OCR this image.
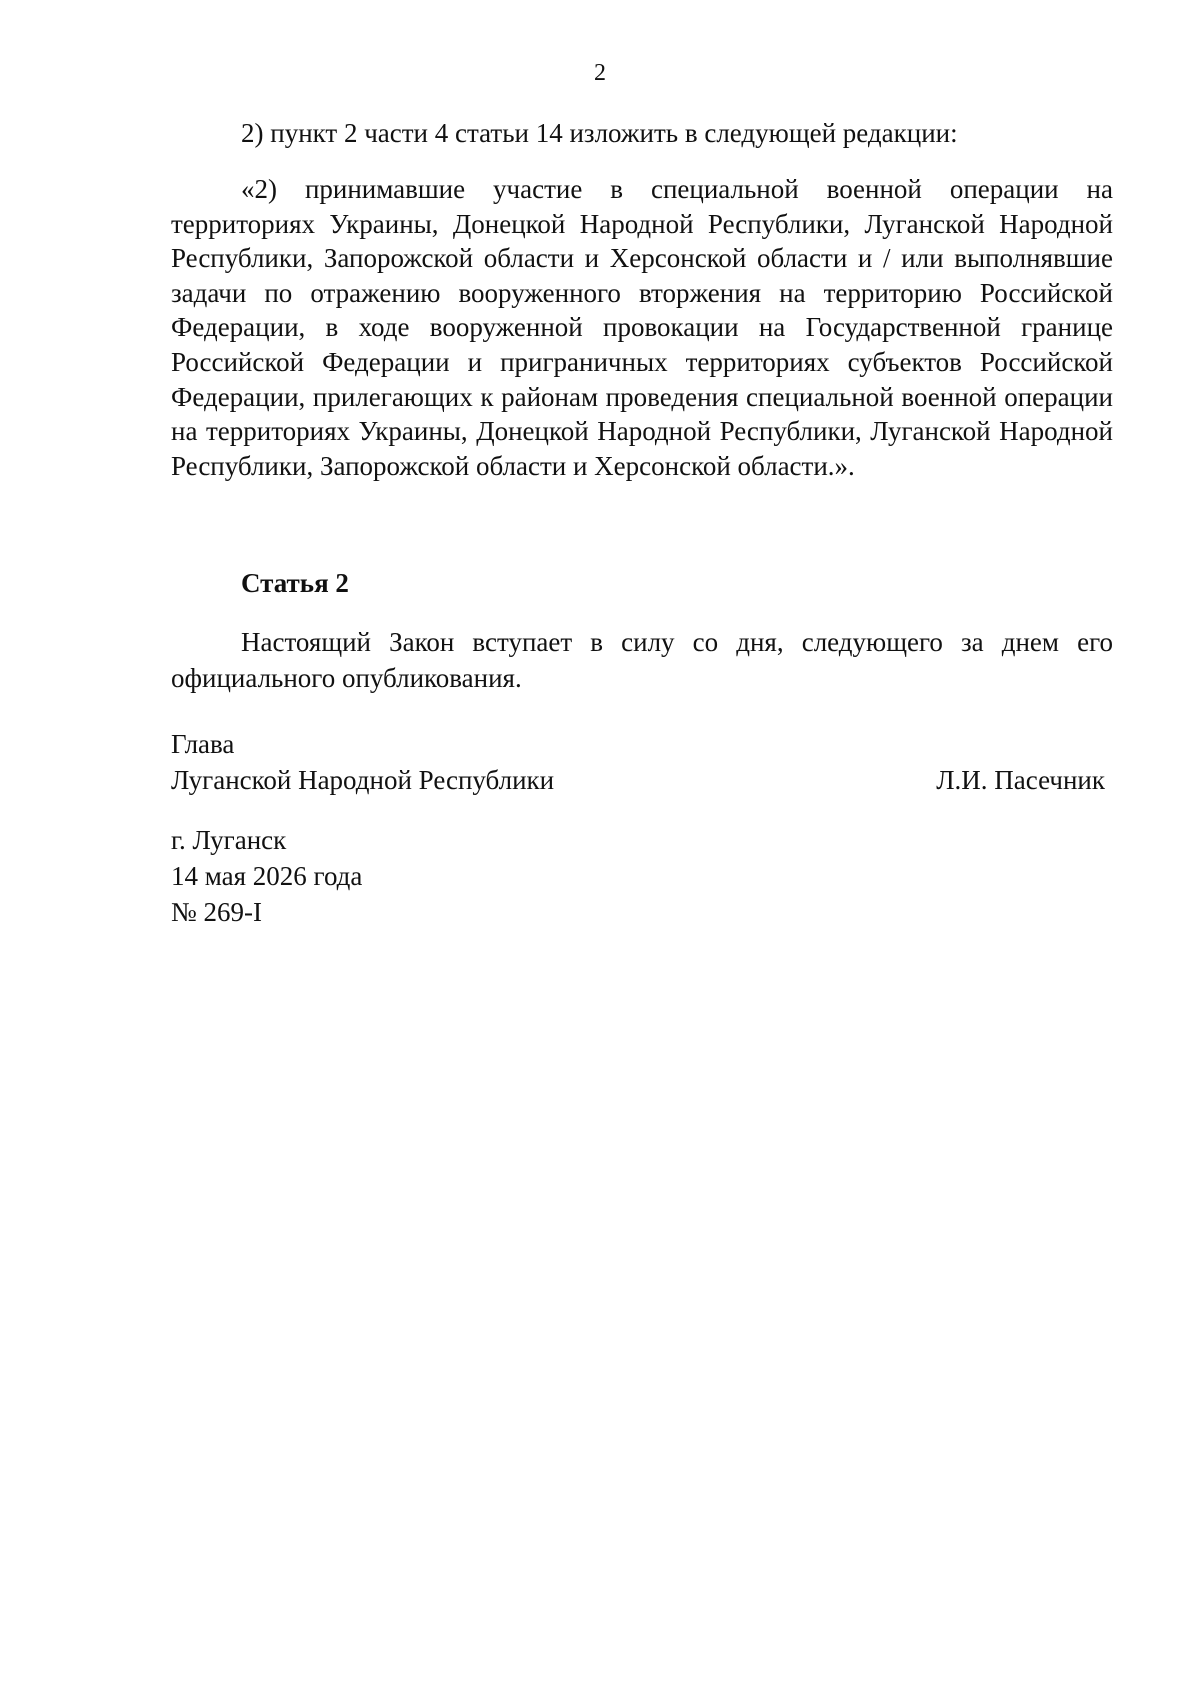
2
2) пункт 2 части 4 статьи 14 изложить в следующей редакции:
«2) принимавшие участие в специальной военной операции на территориях Украины, Донецкой Народной Республики, Луганской Народной Республики, Запорожской области и Херсонской области и / или выполнявшие задачи по отражению вооруженного вторжения на территорию Российской Федерации, в ходе вооруженной провокации на Государственной границе Российской Федерации и приграничных территориях субъектов Российской Федерации, прилегающих к районам проведения специальной военной операции на территориях Украины, Донецкой Народной Республики, Луганской Народной Республики, Запорожской области и Херсонской области.».
Статья 2
Настоящий Закон вступает в силу со дня, следующего за днем его официального опубликования.
Глава
Луганской Народной Республики	Л.И. Пасечник
г. Луганск
14 мая 2026 года
№ 269-I
